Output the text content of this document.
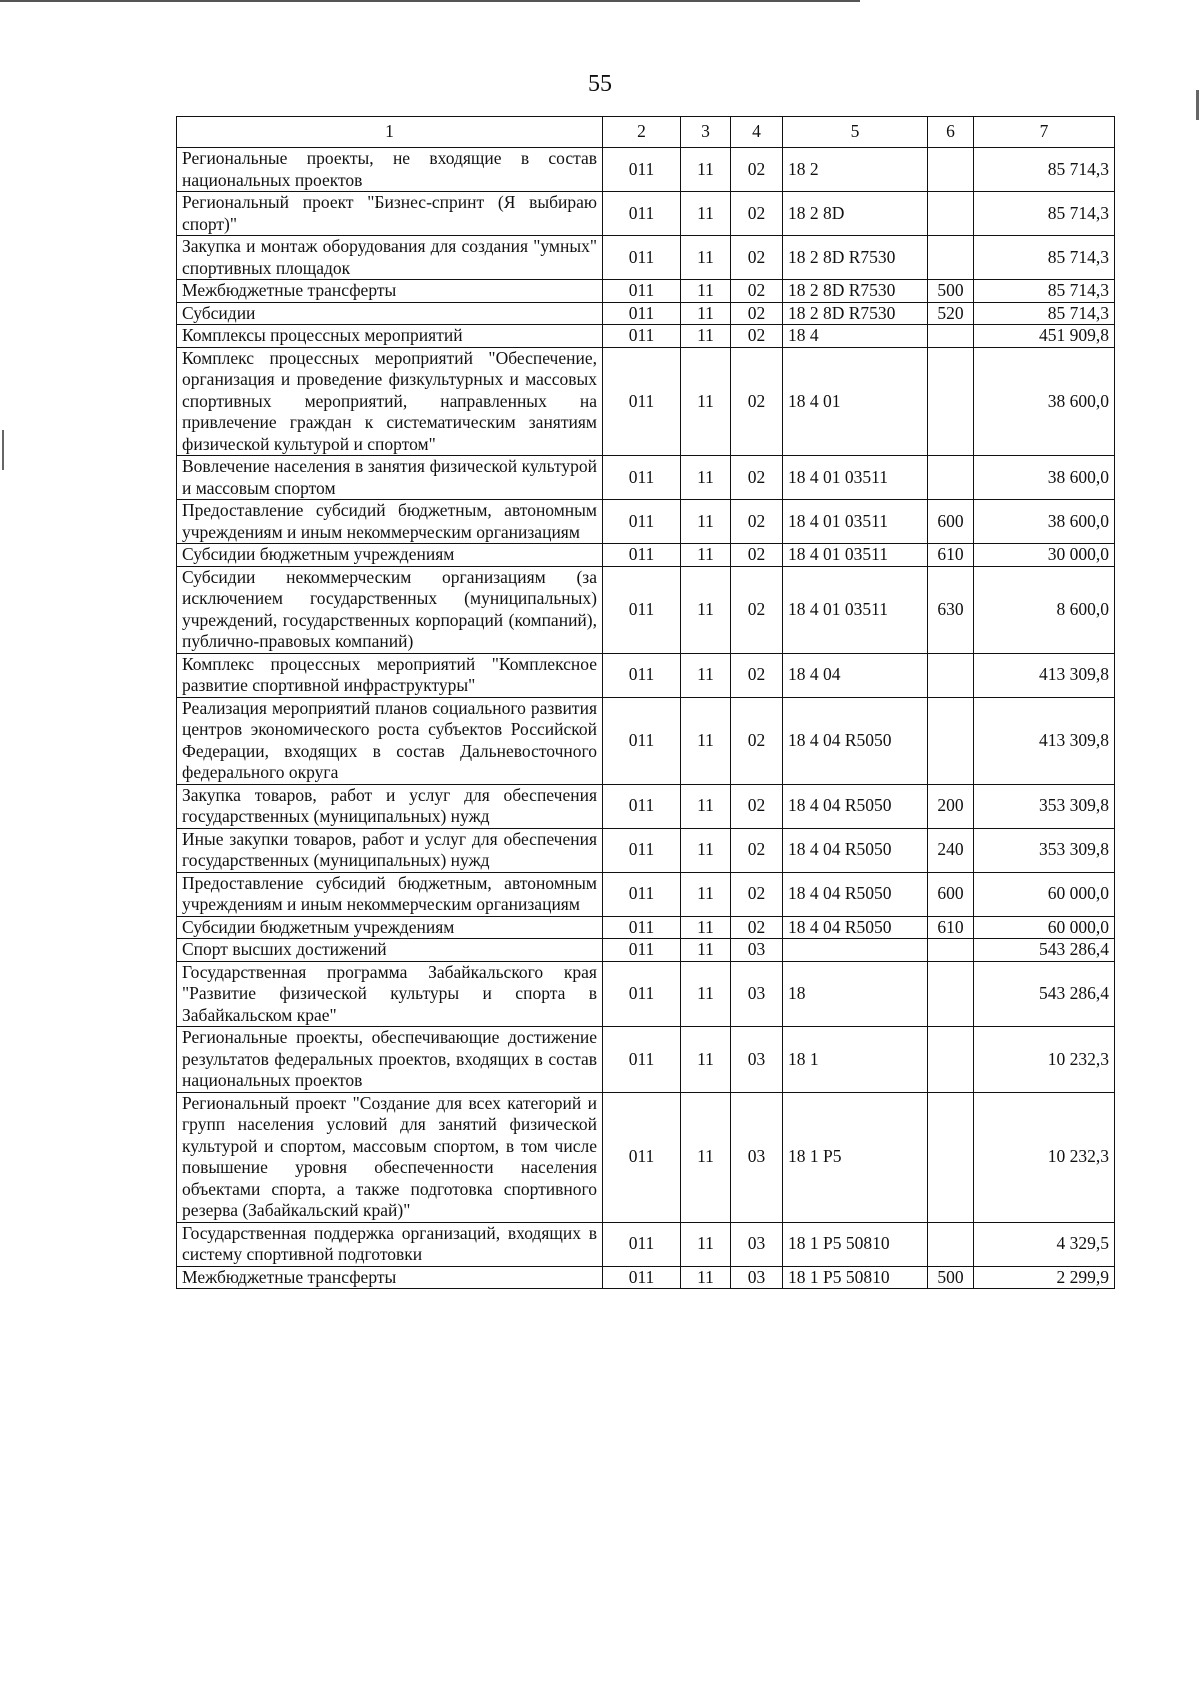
55
1	2	3	4	5	6	7
Региональные проекты, не входящие в состав национальных проектов	011	11	02	18 2		85 714,3
Региональный проект "Бизнес-спринт (Я выбираю спорт)"	011	11	02	18 2 8D		85 714,3
Закупка и монтаж оборудования для создания "умных" спортивных площадок	011	11	02	18 2 8D R7530		85 714,3
Межбюджетные трансферты	011	11	02	18 2 8D R7530	500	85 714,3
Субсидии	011	11	02	18 2 8D R7530	520	85 714,3
Комплексы процессных мероприятий	011	11	02	18 4		451 909,8
Комплекс процессных мероприятий "Обеспечение, организация и проведение физкультурных и массовых спортивных мероприятий, направленных на привлечение граждан к систематическим занятиям физической культурой и спортом"	011	11	02	18 4 01		38 600,0
Вовлечение населения в занятия физической культурой и массовым спортом	011	11	02	18 4 01 03511		38 600,0
Предоставление субсидий бюджетным, автономным учреждениям и иным некоммерческим организациям	011	11	02	18 4 01 03511	600	38 600,0
Субсидии бюджетным учреждениям	011	11	02	18 4 01 03511	610	30 000,0
Субсидии некоммерческим организациям (за исключением государственных (муниципальных) учреждений, государственных корпораций (компаний), публично-правовых компаний)	011	11	02	18 4 01 03511	630	8 600,0
Комплекс процессных мероприятий "Комплексное развитие спортивной инфраструктуры"	011	11	02	18 4 04		413 309,8
Реализация мероприятий планов социального развития центров экономического роста субъектов Российской Федерации, входящих в состав Дальневосточного федерального округа	011	11	02	18 4 04 R5050		413 309,8
Закупка товаров, работ и услуг для обеспечения государственных (муниципальных) нужд	011	11	02	18 4 04 R5050	200	353 309,8
Иные закупки товаров, работ и услуг для обеспечения государственных (муниципальных) нужд	011	11	02	18 4 04 R5050	240	353 309,8
Предоставление субсидий бюджетным, автономным учреждениям и иным некоммерческим организациям	011	11	02	18 4 04 R5050	600	60 000,0
Субсидии бюджетным учреждениям	011	11	02	18 4 04 R5050	610	60 000,0
Спорт высших достижений	011	11	03			543 286,4
Государственная программа Забайкальского края "Развитие физической культуры и спорта в Забайкальском крае"	011	11	03	18		543 286,4
Региональные проекты, обеспечивающие достижение результатов федеральных проектов, входящих в состав национальных проектов	011	11	03	18 1		10 232,3
Региональный проект "Создание для всех категорий и групп населения условий для занятий физической культурой и спортом, массовым спортом, в том числе повышение уровня обеспеченности населения объектами спорта, а также подготовка спортивного резерва (Забайкальский край)"	011	11	03	18 1 P5		10 232,3
Государственная поддержка организаций, входящих в систему спортивной подготовки	011	11	03	18 1 P5 50810		4 329,5
Межбюджетные трансферты	011	11	03	18 1 P5 50810	500	2 299,9
